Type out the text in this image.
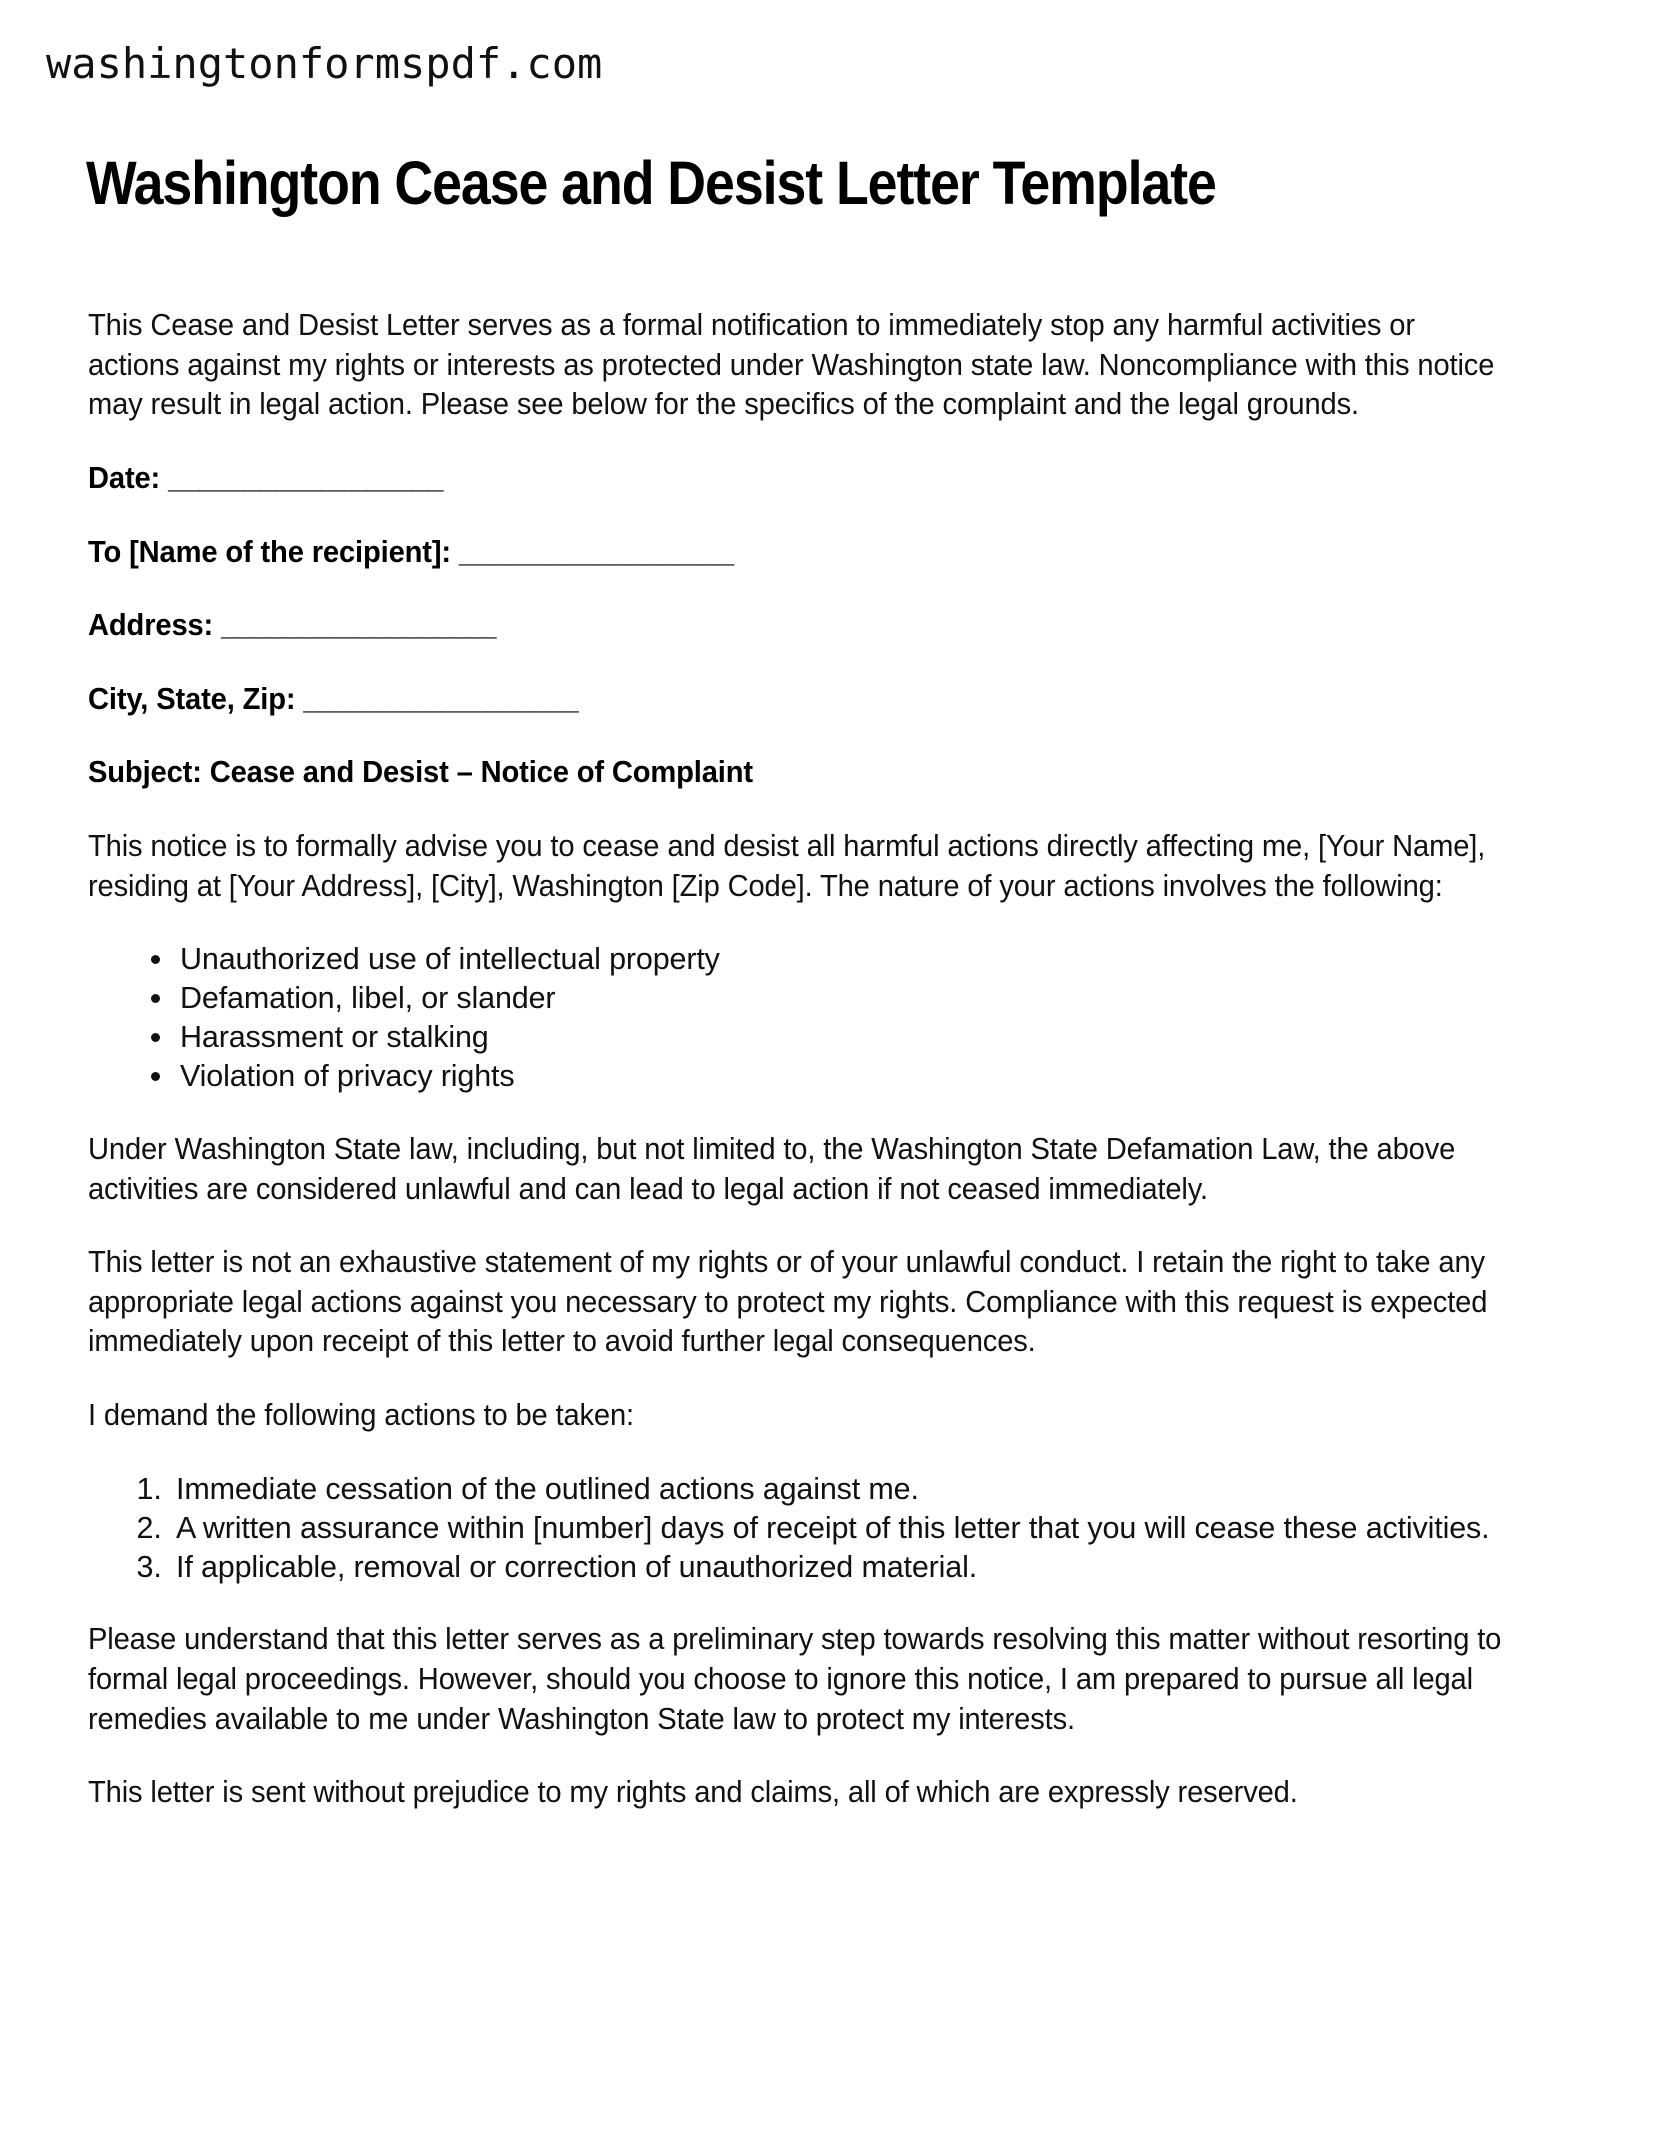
washingtonformspdf.com
Washington Cease and Desist Letter Template

This Cease and Desist Letter serves as a formal notification to immediately stop any harmful activities or actions against my rights or interests as protected under Washington state law. Noncompliance with this notice may result in legal action. Please see below for the specifics of the complaint and the legal grounds.

Date: __________________

To [Name of the recipient]: __________________

Address: __________________

City, State, Zip: __________________

Subject: Cease and Desist – Notice of Complaint

This notice is to formally advise you to cease and desist all harmful actions directly affecting me, [Your Name], residing at [Your Address], [City], Washington [Zip Code]. The nature of your actions involves the following:

• Unauthorized use of intellectual property
• Defamation, libel, or slander
• Harassment or stalking
• Violation of privacy rights

Under Washington State law, including, but not limited to, the Washington State Defamation Law, the above activities are considered unlawful and can lead to legal action if not ceased immediately.

This letter is not an exhaustive statement of my rights or of your unlawful conduct. I retain the right to take any appropriate legal actions against you necessary to protect my rights. Compliance with this request is expected immediately upon receipt of this letter to avoid further legal consequences.

I demand the following actions to be taken:

1. Immediate cessation of the outlined actions against me.
2. A written assurance within [number] days of receipt of this letter that you will cease these activities.
3. If applicable, removal or correction of unauthorized material.

Please understand that this letter serves as a preliminary step towards resolving this matter without resorting to formal legal proceedings. However, should you choose to ignore this notice, I am prepared to pursue all legal remedies available to me under Washington State law to protect my interests.

This letter is sent without prejudice to my rights and claims, all of which are expressly reserved.
